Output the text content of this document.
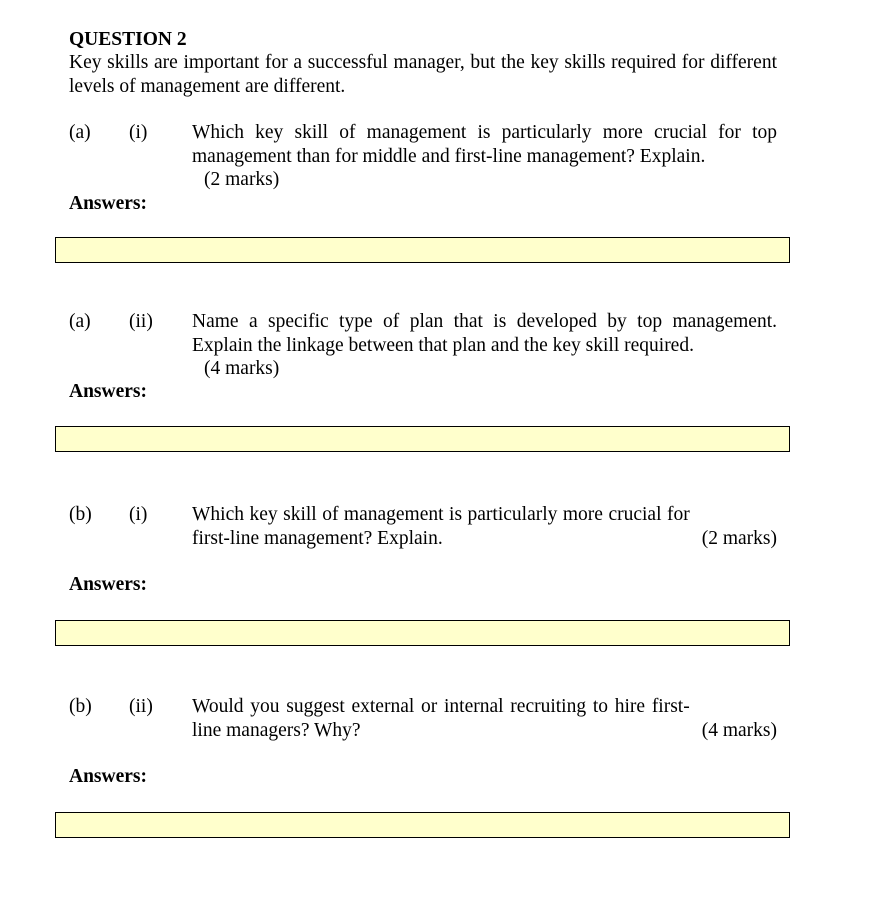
QUESTION 2
Key skills are important for a successful manager, but the key skills required for different levels of management are different.
(a) (i) Which key skill of management is particularly more crucial for top management than for middle and first-line management? Explain.
(2 marks)
Answers:
(a) (ii) Name a specific type of plan that is developed by top management. Explain the linkage between that plan and the key skill required.
(4 marks)
Answers:
(b) (i)
(2 marks)
Which key skill of management is particularly more crucial for first-line management? Explain.
Answers:
(b) (ii)
(4 marks)
Would you suggest external or internal recruiting to hire first-line managers? Why?
Answers:
